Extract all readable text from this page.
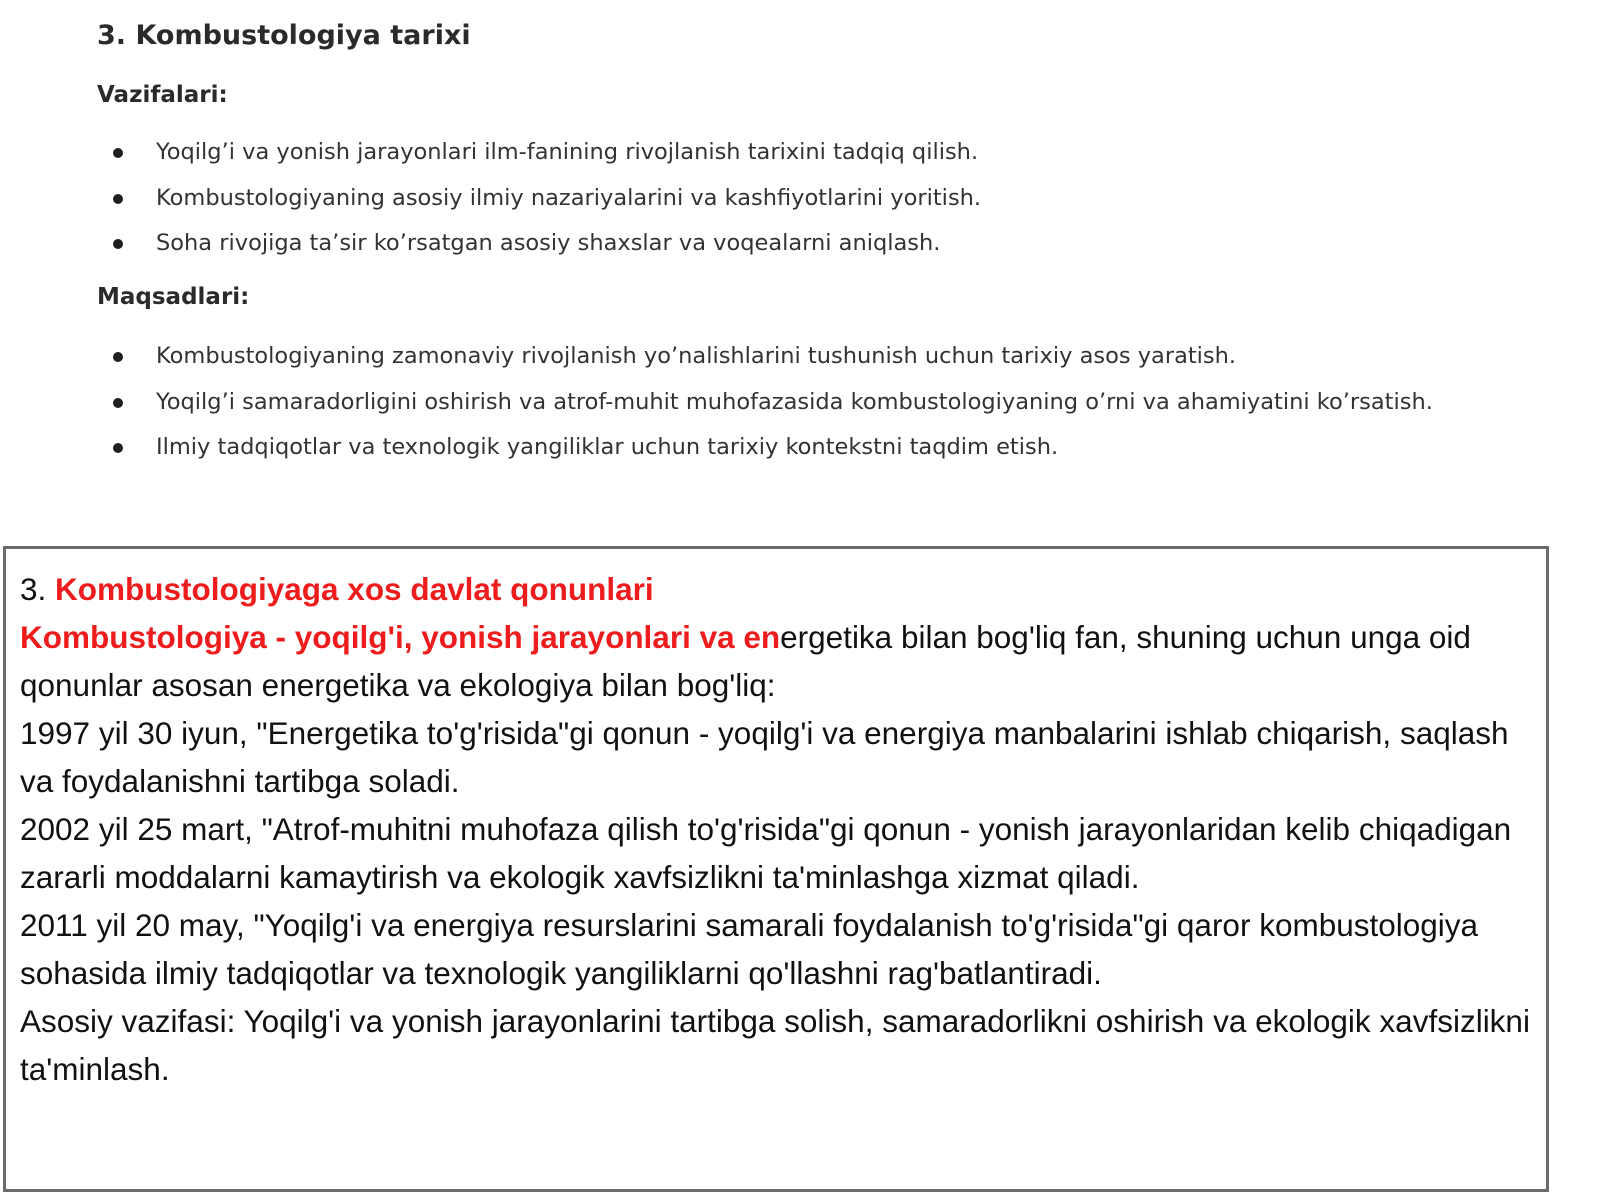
3. Kombustologiya tarixi
Vazifalari:
Yoqilg’i va yonish jarayonlari ilm-fanining rivojlanish tarixini tadqiq qilish.
Kombustologiyaning asosiy ilmiy nazariyalarini va kashfiyotlarini yoritish.
Soha rivojiga ta’sir ko’rsatgan asosiy shaxslar va voqealarni aniqlash.
Maqsadlari:
Kombustologiyaning zamonaviy rivojlanish yo’nalishlarini tushunish uchun tarixiy asos yaratish.
Yoqilg’i samaradorligini oshirish va atrof-muhit muhofazasida kombustologiyaning o’rni va ahamiyatini ko’rsatish.
Ilmiy tadqiqotlar va texnologik yangiliklar uchun tarixiy kontekstni taqdim etish.

3. Kombustologiyaga xos davlat qonunlari

Kombustologiya - yoqilg'i, yonish jarayonlari va energetika bilan bog'liq fan, shuning uchun unga oid qonunlar asosan energetika va ekologiya bilan bog'liq:

1997 yil 30 iyun, "Energetika to'g'risida"gi qonun - yoqilg'i va energiya manbalarini ishlab chiqarish, saqlash va foydalanishni tartibga soladi.

2002 yil 25 mart, "Atrof-muhitni muhofaza qilish to'g'risida"gi qonun - yonish jarayonlaridan kelib chiqadigan zararli moddalarni kamaytirish va ekologik xavfsizlikni ta'minlashga xizmat qiladi.

2011 yil 20 may, "Yoqilg'i va energiya resurslarini samarali foydalanish to'g'risida"gi qaror kombustologiya sohasida ilmiy tadqiqotlar va texnologik yangiliklarni qo'llashni rag'batlantiradi.

Asosiy vazifasi: Yoqilg'i va yonish jarayonlarini tartibga solish, samaradorlikni oshirish va ekologik xavfsizlikni ta'minlash.
